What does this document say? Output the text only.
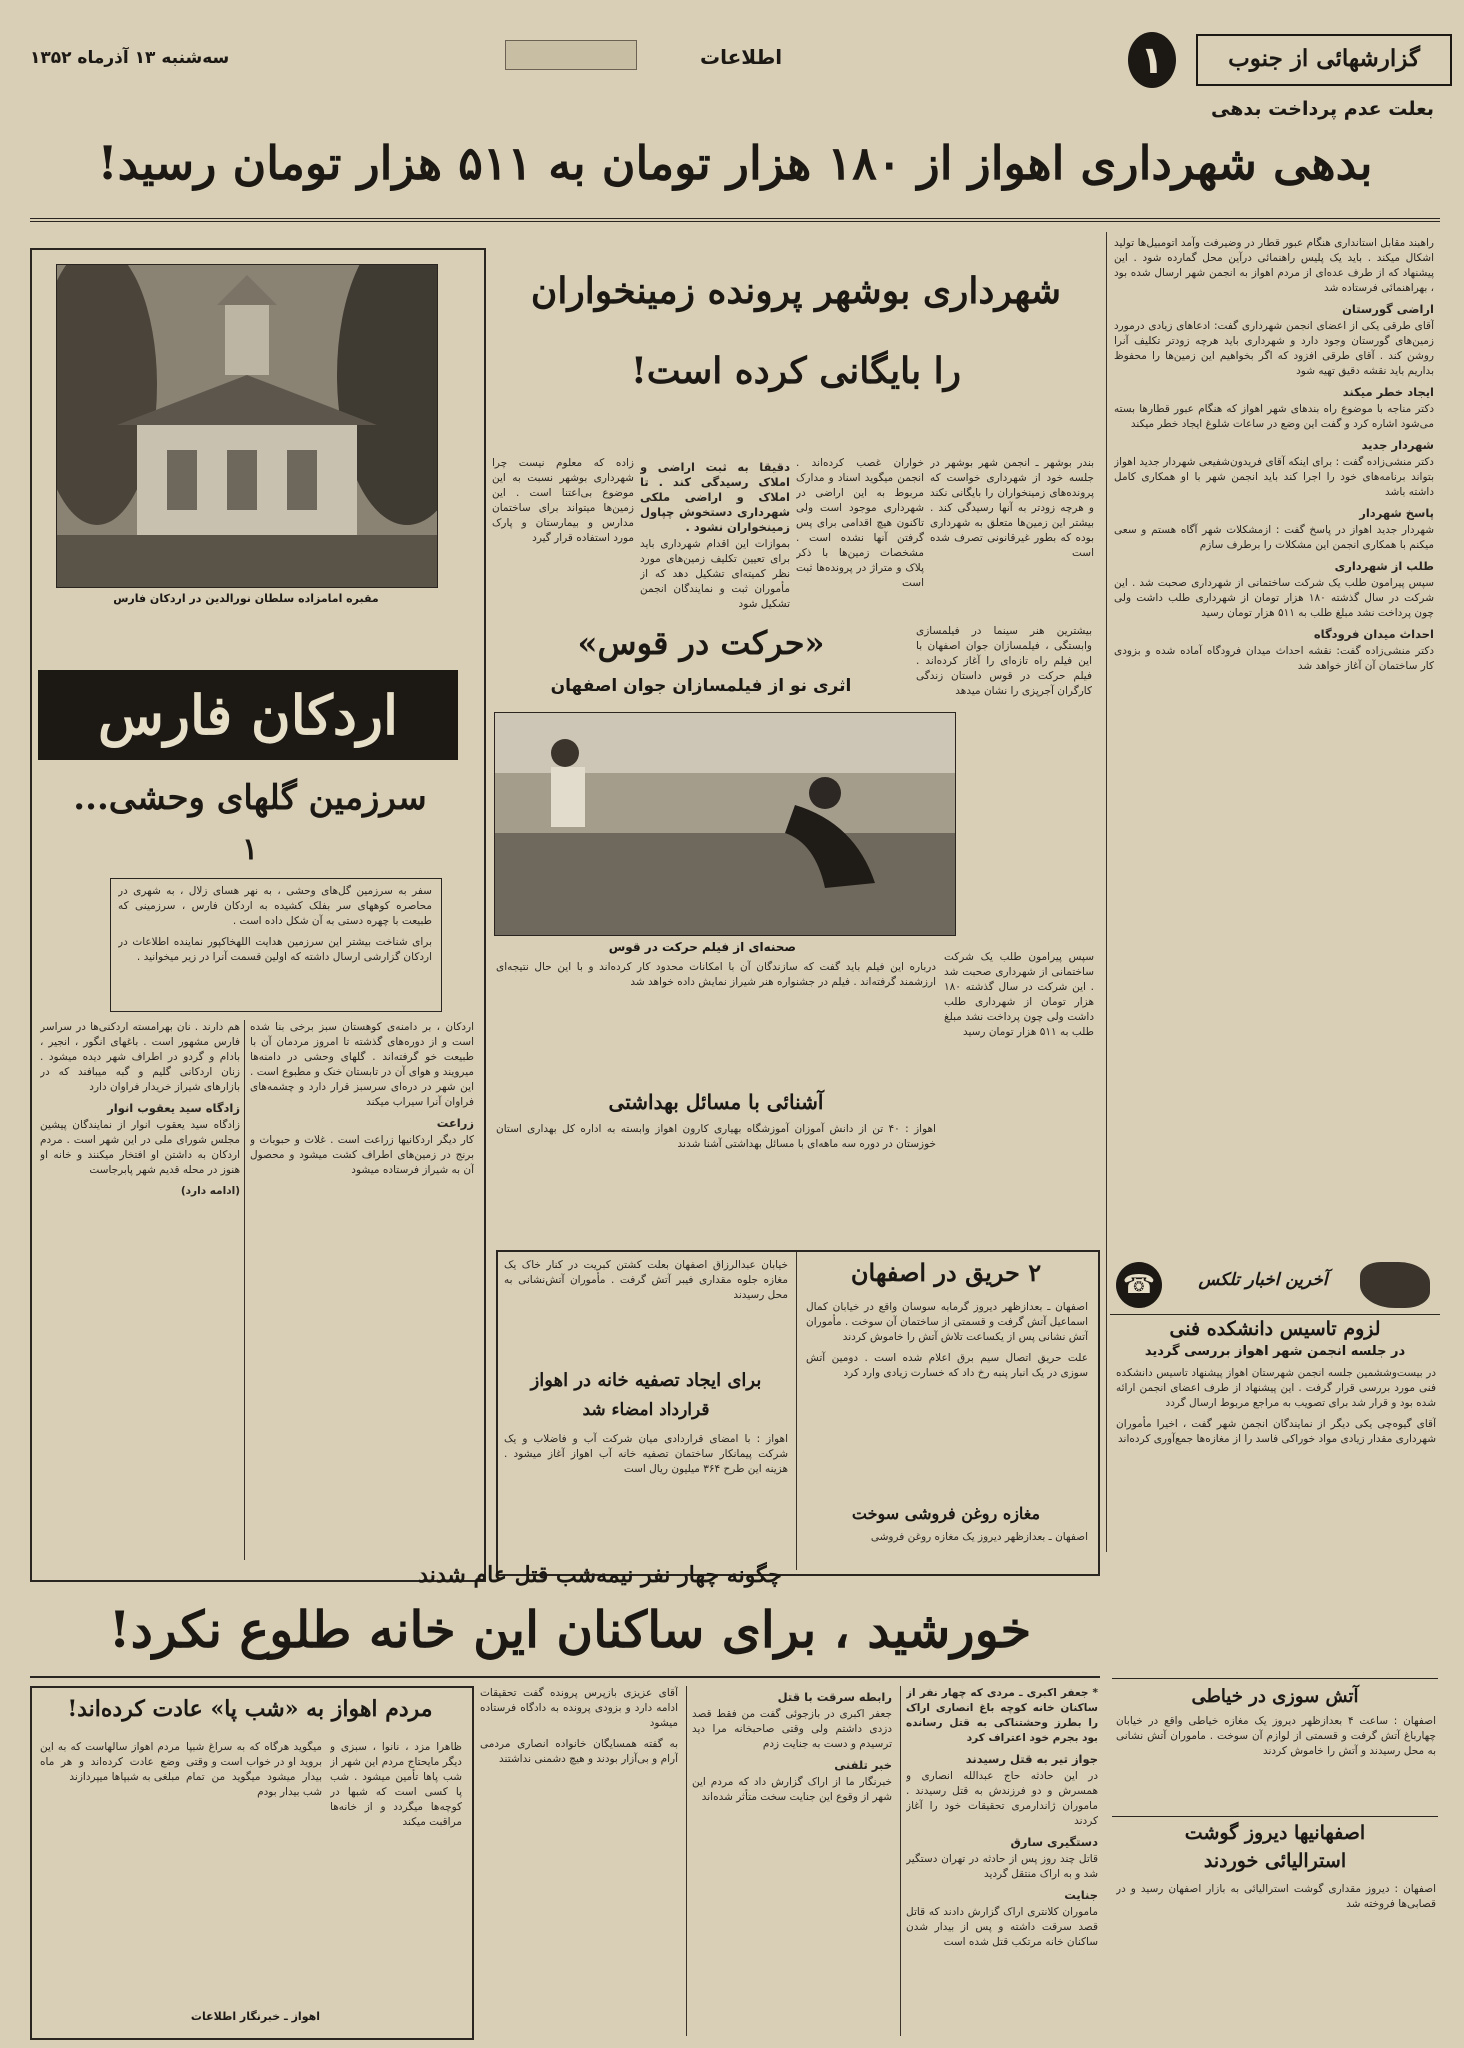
سه‌شنبه ۱۳ آذرماه ۱۳۵۲	اطلاعات	۱	گزارشهائی از جنوب
بعلت عدم پرداخت بدهی
بدهی شهرداری اهواز از ۱۸۰ هزار تومان به ۵۱۱ هزار تومان رسید!

راهبند مقابل استانداری هنگام عبور قطار در وضیرفت وآمد اتومبیل‌ها تولید اشکال میکند . باید یک پلیس راهنمائی درآین محل گمارده شود . این پیشنهاد که از طرف عده‌ای از مردم اهواز به انجمن شهر ارسال شده بود ، بهراهنمائی فرستاده شد

اراضی گورستان

آقای طرقی یکی از اعضای انجمن شهرداری گفت: ادعاهای زیادی درمورد زمین‌های گورستان وجود دارد و شهرداری باید هرچه زودتر تکلیف آنرا روشن کند . آقای طرقی افزود که اگر بخواهیم این زمین‌ها را محفوظ بداریم باید نقشه دقیق تهیه شود

ایجاد خطر میکند

دکتر مناجه با موضوع راه بندهای شهر اهواز که هنگام عبور قطارها بسته می‌شود اشاره کرد و گفت این وضع در ساعات شلوغ ایجاد خطر میکند

شهردار جدید

دکتر منشی‌زاده گفت : برای اینکه آقای فریدون‌شفیعی شهردار جدید اهواز بتواند برنامه‌های خود را اجرا کند باید انجمن شهر با او همکاری کامل داشته باشد

پاسخ شهردار

شهردار جدید اهواز در پاسخ گفت : ازمشکلات شهر آگاه هستم و سعی میکنم با همکاری انجمن این مشکلات را برطرف سازم

طلب از شهرداری

سپس پیرامون طلب یک شرکت ساختمانی از شهرداری صحبت شد . این شرکت در سال گذشته ۱۸۰ هزار تومان از شهرداری طلب داشت ولی چون پرداخت نشد مبلغ طلب به ۵۱۱ هزار تومان رسید

احداث میدان فرودگاه

دکتر منشی‌زاده گفت: نقشه احداث میدان فرودگاه آماده شده و بزودی کار ساختمان آن آغاز خواهد شد

مقبره امامزاده سلطان نورالدین در اردکان فارس
اردکان فارس
سرزمین گلهای وحشی...
۱

سفر به سرزمین گل‌های وحشی ، به نهر هسای زلال ، به شهری در محاصره کوههای سر بفلک کشیده به اردکان فارس ، سرزمینی که طبیعت با چهره دستی به آن شکل داده است .

برای شناخت بیشتر این سرزمین هدایت اللهخاکپور نماینده اطلاعات در اردکان گزارشی ارسال داشته که اولین قسمت آنرا در زیر میخوانید .

هم دارند . نان بهرامسته اردکنی‌ها در سراسر فارس مشهور است . باغهای انگور ، انجیر ، بادام و گردو در اطراف شهر دیده میشود . زنان اردکانی گلیم و گبه میبافند که در بازارهای شیراز خریدار فراوان دارد

زادگاه سید یعقوب انوار

زادگاه سید یعقوب انوار از نمایندگان پیشین مجلس شورای ملی در این شهر است . مردم اردکان به داشتن او افتخار میکنند و خانه او هنوز در محله قدیم شهر پابرجاست

(ادامه دارد)

اردکان ، بر دامنه‌ی کوهستان سبز برخی بنا شده است و از دوره‌های گذشته تا امروز مردمان آن با طبیعت خو گرفته‌اند . گلهای وحشی در دامنه‌ها میرویند و هوای آن در تابستان خنک و مطبوع است . این شهر در دره‌ای سرسبز قرار دارد و چشمه‌های فراوان آنرا سیراب میکند

زراعت

کار دیگر اردکانیها زراعت است . غلات و حبوبات و برنج در زمین‌های اطراف کشت میشود و محصول آن به شیراز فرستاده میشود

شهرداری بوشهر پرونده زمینخواران
را بایگانی کرده است!

بندر بوشهر ـ انجمن شهر بوشهر در جلسه خود از شهرداری خواست که پرونده‌های زمینخواران را بایگانی نکند و هرچه زودتر به آنها رسیدگی کند . بیشتر این زمین‌ها متعلق به شهرداری بوده که بطور غیرقانونی تصرف شده است

خواران غصب کرده‌اند . انجمن میگوید اسناد و مدارک مربوط به این اراضی در شهرداری موجود است ولی تاکنون هیچ اقدامی برای پس گرفتن آنها نشده است . مشخصات زمین‌ها با ذکر پلاک و متراژ در پرونده‌ها ثبت است

دقیقا به ثبت اراضی و املاک رسیدگی کند . تا املاک و اراضی ملکی شهرداری دستخوش چپاول زمینخواران نشود .

بموازات این اقدام شهرداری باید برای تعیین تکلیف زمین‌های مورد نظر کمیته‌ای تشکیل دهد که از مأموران ثبت و نمایندگان انجمن تشکیل شود

زاده که معلوم نیست چرا شهرداری بوشهر نسبت به این موضوع بی‌اعتنا است . این زمین‌ها میتواند برای ساختمان مدارس و بیمارستان و پارک مورد استفاده قرار گیرد

«حرکت در قوس»
اثری نو از فیلمسازان جوان اصفهان

بیشترین هنر سینما در فیلمسازی وابستگی ، فیلمسازان جوان اصفهان با این فیلم راه تازه‌ای را آغاز کرده‌اند . فیلم حرکت در قوس داستان زندگی کارگران آجرپزی را نشان میدهد

صحنه‌ای از فیلم حرکت در قوس

درباره این فیلم باید گفت که سازندگان آن با امکانات محدود کار کرده‌اند و با این حال نتیجه‌ای ارزشمند گرفته‌اند . فیلم در جشنواره هنر شیراز نمایش داده خواهد شد

آشنائی با مسائل بهداشتی

اهواز : ۴۰ تن از دانش آموزان آموزشگاه بهیاری کارون اهواز وابسته به اداره کل بهداری استان خوزستان در دوره سه ماهه‌ای با مسائل بهداشتی آشنا شدند

سپس پیرامون طلب یک شرکت ساختمانی از شهرداری صحبت شد . این شرکت در سال گذشته ۱۸۰ هزار تومان از شهرداری طلب داشت ولی چون پرداخت نشد مبلغ طلب به ۵۱۱ هزار تومان رسید

۲ حریق در اصفهان

اصفهان ـ بعدازظهر دیروز گرمابه سوسان واقع در خیابان کمال اسماعیل آتش گرفت و قسمتی از ساختمان آن سوخت . مأموران آتش نشانی پس از یکساعت تلاش آتش را خاموش کردند

علت حریق اتصال سیم برق اعلام شده است . دومین آتش سوزی در یک انبار پنبه رخ داد که خسارت زیادی وارد کرد

مغازه روغن فروشی سوخت

اصفهان ـ بعدازظهر دیروز یک مغازه روغن فروشی

خیابان عبدالرزاق اصفهان بعلت کشتن کبریت در کنار خاک یک مغازه جلوه مقداری فیبر آتش گرفت . مأموران آتش‌نشانی به محل رسیدند

برای ایجاد تصفیه خانه در اهواز
قرارداد امضاء شد

اهواز : با امضای قراردادی میان شرکت آب و فاضلاب و یک شرکت پیمانکار ساختمان تصفیه خانه آب اهواز آغاز میشود . هزینه این طرح ۳۶۴ میلیون ریال است

☎	آخرین اخبار تلکس
لزوم تاسیس دانشکده فنی
در جلسه انجمن شهر اهواز بررسی گردید

در بیست‌وششمین جلسه انجمن شهرستان اهواز پیشنهاد تاسیس دانشکده فنی مورد بررسی قرار گرفت . این پیشنهاد از طرف اعضای انجمن ارائه شده بود و قرار شد برای تصویب به مراجع مربوط ارسال گردد

آقای گیوه‌چی یکی دیگر از نمایندگان انجمن شهر گفت ، اخیرا مأموران شهرداری مقدار زیادی مواد خوراکی فاسد را از مغازه‌ها جمع‌آوری کرده‌اند

آتش سوزی در خیاطی

اصفهان : ساعت ۴ بعدازظهر دیروز یک مغازه خیاطی واقع در خیابان چهارباغ آتش گرفت و قسمتی از لوازم آن سوخت . ماموران آتش نشانی به محل رسیدند و آتش را خاموش کردند

اصفهانیها دیروز گوشت
استرالیائی خوردند

اصفهان : دیروز مقداری گوشت استرالیائی به بازار اصفهان رسید و در قصابی‌ها فروخته شد

چگونه چهار نفر نیمه‌شب قتل عام شدند
خورشید ، برای ساکنان این خانه طلوع نکرد!

* جعفر اکبری ـ مردی که چهار نفر از ساکنان خانه کوچه باغ انصاری اراک را بطرز وحشتناکی به قتل رسانده بود بجرم خود اعتراف کرد

جواز تیر به قتل رسیدند

در این حادثه حاج عبدالله انصاری و همسرش و دو فرزندش به قتل رسیدند . ماموران ژاندارمری تحقیقات خود را آغاز کردند

دستگیری سارق

قاتل چند روز پس از حادثه در تهران دستگیر شد و به اراک منتقل گردید

جنایت

ماموران کلانتری اراک گزارش دادند که قاتل قصد سرقت داشته و پس از بیدار شدن ساکنان خانه مرتکب قتل شده است

رابطه سرقت با قتل

جعفر اکبری در بازجوئی گفت من فقط قصد دزدی داشتم ولی وقتی صاحبخانه مرا دید ترسیدم و دست به جنایت زدم

خبر تلفنی

خبرنگار ما از اراک گزارش داد که مردم این شهر از وقوع این جنایت سخت متأثر شده‌اند

آقای عزیزی بازپرس پرونده گفت تحقیقات ادامه دارد و بزودی پرونده به دادگاه فرستاده میشود

به گفته همسایگان خانواده انصاری مردمی آرام و بی‌آزار بودند و هیچ دشمنی نداشتند

مردم اهواز به «شب پا» عادت کرده‌اند!

ظاهرا مزد ، نانوا ، سبزی و دیگر مایحتاج مردم این شهر از شب پاها تأمین میشود . شب پا کسی است که شبها در کوچه‌ها میگردد و از خانه‌ها مراقبت میکند

میگوید هرگاه که به سراغ شبپا بروید او در خواب است و وقتی بیدار میشود میگوید من تمام شب بیدار بودم

مردم اهواز سالهاست که به این وضع عادت کرده‌اند و هر ماه مبلغی به شبپاها میپردازند

اهواز ـ خبرنگار اطلاعات
